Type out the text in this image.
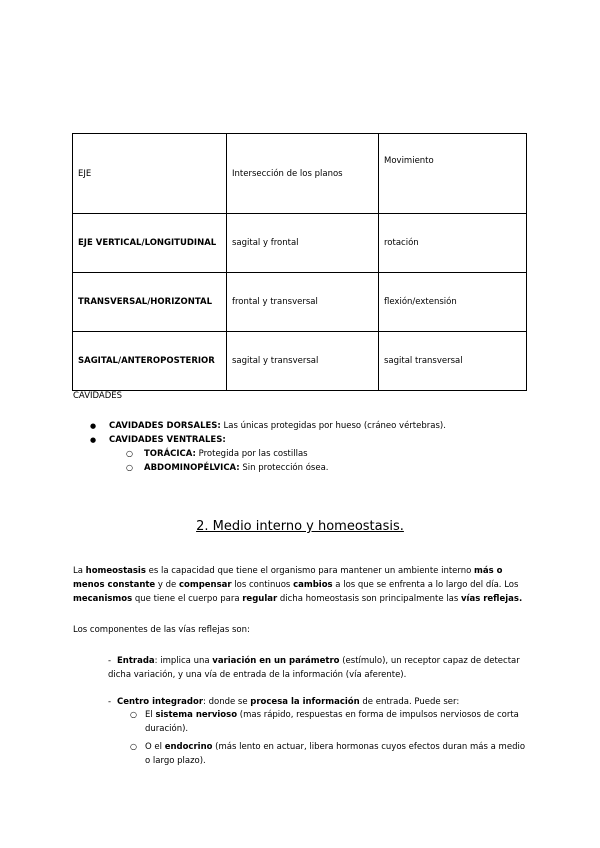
EJE	Intersección de los planos	Movimiento
EJE VERTICAL/LONGITUDINAL	sagital y frontal	rotación
TRANSVERSAL/HORIZONTAL	frontal y transversal	flexión/extensión
SAGITAL/ANTEROPOSTERIOR	sagital y transversal	sagital transversal
CAVIDADES
● CAVIDADES DORSALES: Las únicas protegidas por hueso (cráneo vértebras).
● CAVIDADES VENTRALES:
○ TORÁCICA: Protegida por las costillas
○ ABDOMINOPÉLVICA: Sin protección ósea.
2. Medio interno y homeostasis.
La homeostasis es la capacidad que tiene el organismo para mantener un ambiente interno más o menos constante y de compensar los continuos cambios a los que se enfrenta a lo largo del día. Los mecanismos que tiene el cuerpo para regular dicha homeostasis son principalmente las vías reflejas.
Los componentes de las vías reflejas son:
- Entrada: implica una variación en un parámetro (estímulo), un receptor capaz de detectar dicha variación, y una vía de entrada de la información (vía aferente).
- Centro integrador: donde se procesa la información de entrada. Puede ser:
○ El sistema nervioso (mas rápido, respuestas en forma de impulsos nerviosos de corta duración).
○ O el endocrino (más lento en actuar, libera hormonas cuyos efectos duran más a medio o largo plazo).
